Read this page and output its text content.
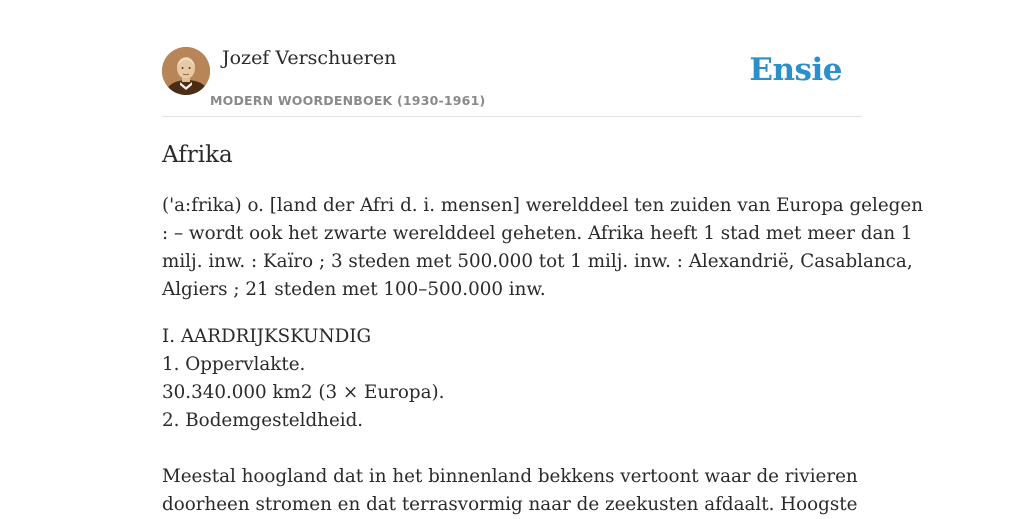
Jozef Verschueren
MODERN WOORDENBOEK (1930-1961)
Ensie
Afrika

('a:frika) o. [land der Afri d. i. mensen] werelddeel ten zuiden van Europa gelegen
: – wordt ook het zwarte werelddeel geheten. Afrika heeft 1 stad met meer dan 1
milj. inw. : Kaïro ; 3 steden met 500.000 tot 1 milj. inw. : Alexandrië, Casablanca,
Algiers ; 21 steden met 100–500.000 inw.

I. AARDRIJKSKUNDIG
1. Oppervlakte.
30.340.000 km2 (3 × Europa).
2. Bodemgesteldheid.

Meestal hoogland dat in het binnenland bekkens vertoont waar de rivieren
doorheen stromen en dat terrasvormig naar de zeekusten afdaalt. Hoogste
